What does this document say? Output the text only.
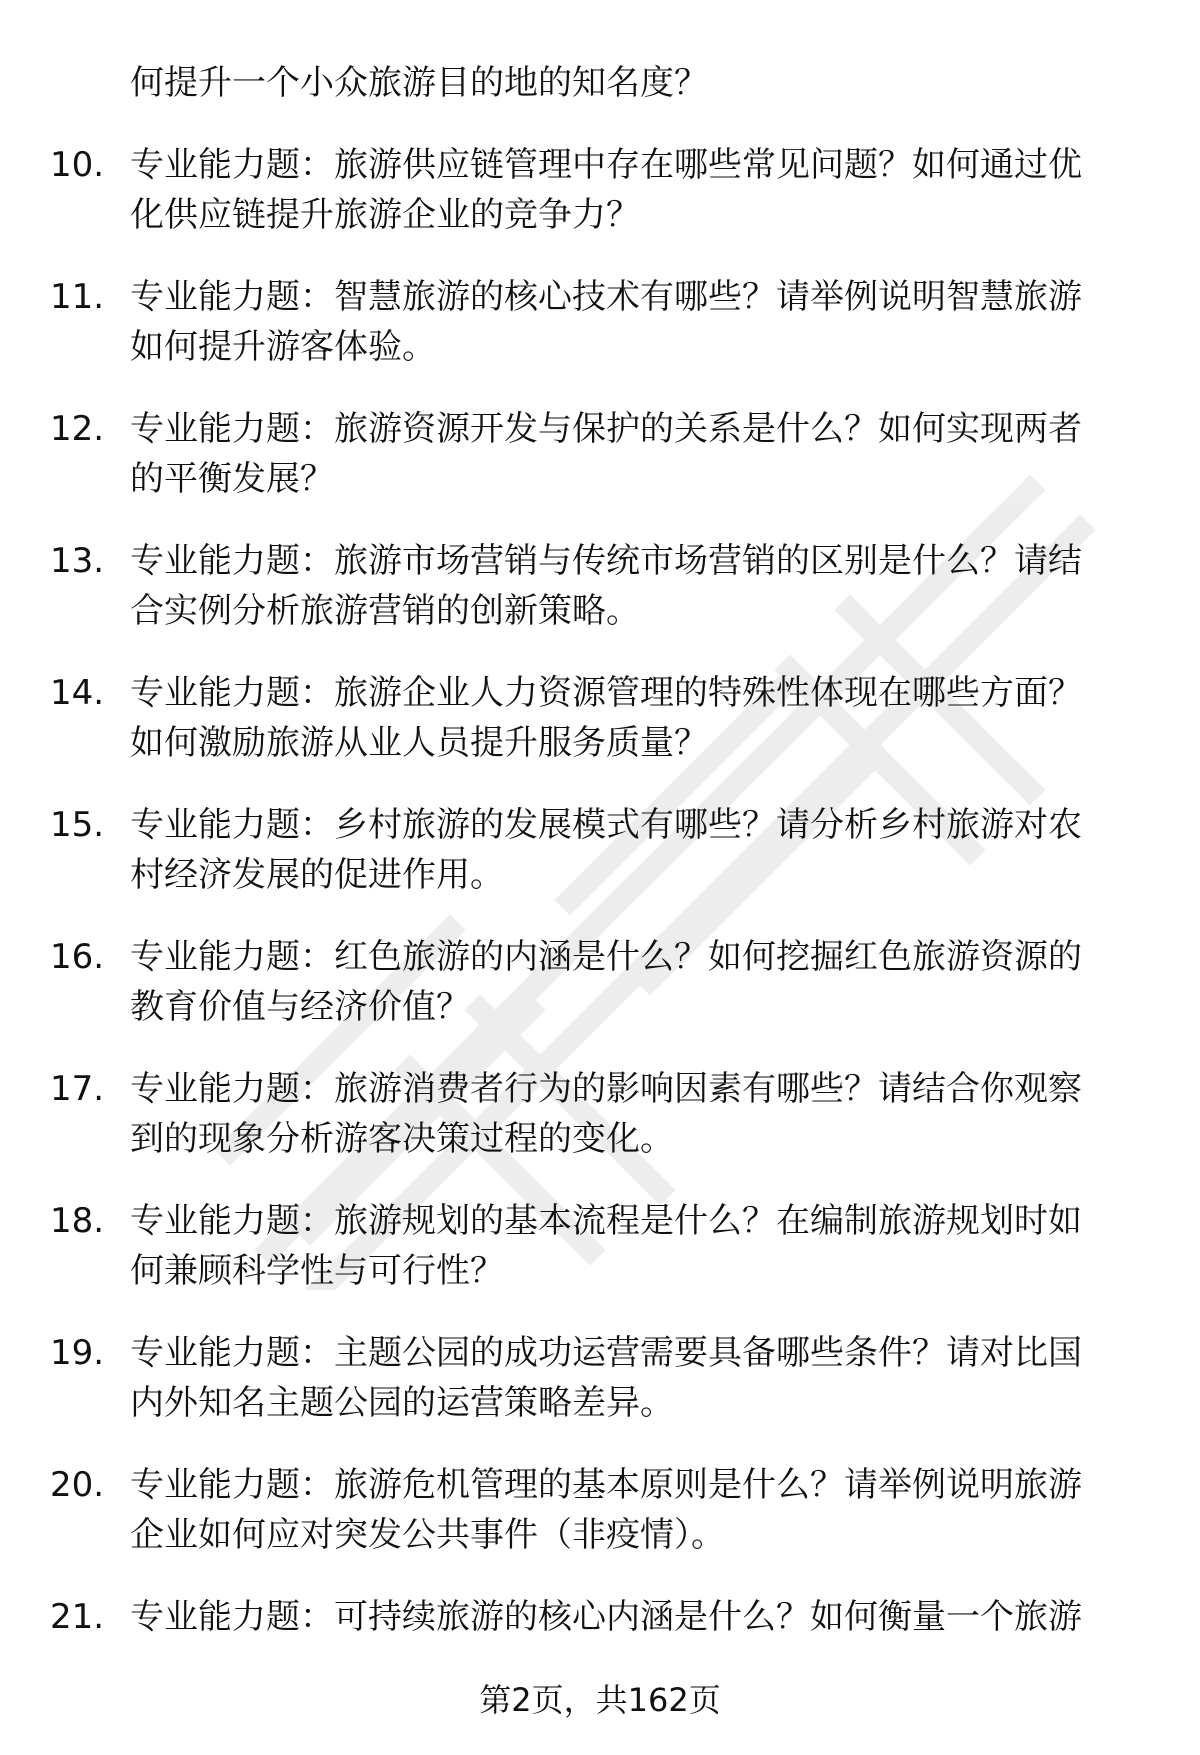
何提升一个小众旅游目的地的知名度？
10. 专业能力题：旅游供应链管理中存在哪些常见问题？如何通过优
化供应链提升旅游企业的竞争力？
11. 专业能力题：智慧旅游的核心技术有哪些？请举例说明智慧旅游
如何提升游客体验。
12. 专业能力题：旅游资源开发与保护的关系是什么？如何实现两者
的平衡发展？
13. 专业能力题：旅游市场营销与传统市场营销的区别是什么？请结
合实例分析旅游营销的创新策略。
14. 专业能力题：旅游企业人力资源管理的特殊性体现在哪些方面？
如何激励旅游从业人员提升服务质量？
15. 专业能力题：乡村旅游的发展模式有哪些？请分析乡村旅游对农
村经济发展的促进作用。
16. 专业能力题：红色旅游的内涵是什么？如何挖掘红色旅游资源的
教育价值与经济价值？
17. 专业能力题：旅游消费者行为的影响因素有哪些？请结合你观察
到的现象分析游客决策过程的变化。
18. 专业能力题：旅游规划的基本流程是什么？在编制旅游规划时如
何兼顾科学性与可行性？
19. 专业能力题：主题公园的成功运营需要具备哪些条件？请对比国
内外知名主题公园的运营策略差异。
20. 专业能力题：旅游危机管理的基本原则是什么？请举例说明旅游
企业如何应对突发公共事件（非疫情）。
21. 专业能力题：可持续旅游的核心内涵是什么？如何衡量一个旅游
第2页，共162页
